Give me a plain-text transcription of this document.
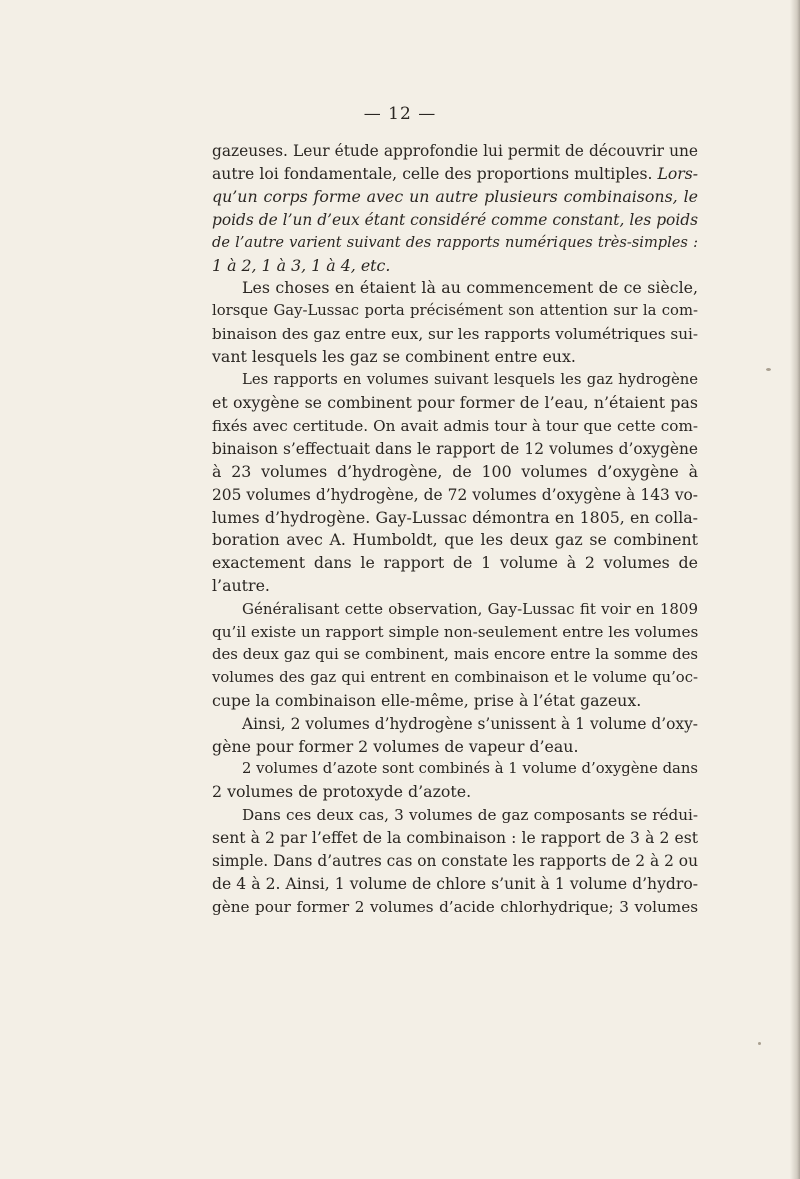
— 12 —
gazeuses. Leur étude approfondie lui permit de découvrir une
autre loi fondamentale, celle des proportions multiples. Lors-
qu’un corps forme avec un autre plusieurs combinaisons, le
poids de l’un d’eux étant considéré comme constant, les poids
de l’autre varient suivant des rapports numériques très-simples :
1 à 2, 1 à 3, 1 à 4, etc.
Les choses en étaient là au commencement de ce siècle,
lorsque Gay-Lussac porta précisément son attention sur la com-
binaison des gaz entre eux, sur les rapports volumétriques sui-
vant lesquels les gaz se combinent entre eux.
Les rapports en volumes suivant lesquels les gaz hydrogène
et oxygène se combinent pour former de l’eau, n’étaient pas
fixés avec certitude. On avait admis tour à tour que cette com-
binaison s’effectuait dans le rapport de 12 volumes d’oxygène
à 23 volumes d’hydrogène, de 100 volumes d’oxygène à
205 volumes d’hydrogène, de 72 volumes d’oxygène à 143 vo-
lumes d’hydrogène. Gay-Lussac démontra en 1805, en colla-
boration avec A. Humboldt, que les deux gaz se combinent
exactement dans le rapport de 1 volume à 2 volumes de
l’autre.
Généralisant cette observation, Gay-Lussac fit voir en 1809
qu’il existe un rapport simple non-seulement entre les volumes
des deux gaz qui se combinent, mais encore entre la somme des
volumes des gaz qui entrent en combinaison et le volume qu’oc-
cupe la combinaison elle-même, prise à l’état gazeux.
Ainsi, 2 volumes d’hydrogène s’unissent à 1 volume d’oxy-
gène pour former 2 volumes de vapeur d’eau.
2 volumes d’azote sont combinés à 1 volume d’oxygène dans
2 volumes de protoxyde d’azote.
Dans ces deux cas, 3 volumes de gaz composants se rédui-
sent à 2 par l’effet de la combinaison : le rapport de 3 à 2 est
simple. Dans d’autres cas on constate les rapports de 2 à 2 ou
de 4 à 2. Ainsi, 1 volume de chlore s’unit à 1 volume d’hydro-
gène pour former 2 volumes d’acide chlorhydrique; 3 volumes
